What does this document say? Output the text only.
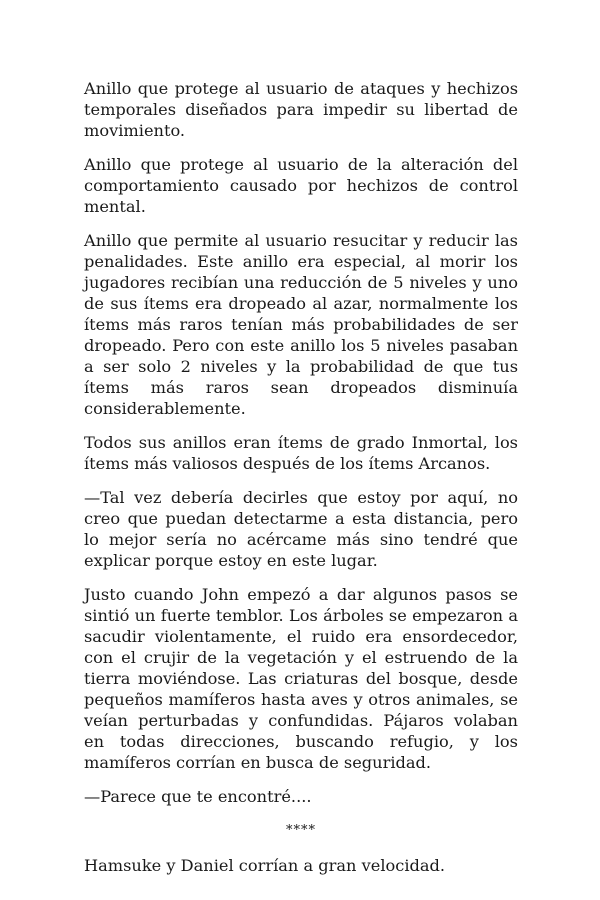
Anillo que protege al usuario de ataques y hechizos temporales diseñados para impedir su libertad de movimiento.

Anillo que protege al usuario de la alteración del comportamiento causado por hechizos de control mental.

Anillo que permite al usuario resucitar y reducir las penalidades. Este anillo era especial, al morir los jugadores recibían una reducción de 5 niveles y uno de sus ítems era dropeado al azar, normalmente los ítems más raros tenían más probabilidades de ser dropeado. Pero con este anillo los 5 niveles pasaban a ser solo 2 niveles y la probabilidad de que tus ítems más raros sean dropeados disminuía considerablemente.

Todos sus anillos eran ítems de grado Inmortal, los ítems más valiosos después de los ítems Arcanos.

—Tal vez debería decirles que estoy por aquí, no creo que puedan detectarme a esta distancia, pero lo mejor sería no acércame más sino tendré que explicar porque estoy en este lugar.

Justo cuando John empezó a dar algunos pasos se sintió un fuerte temblor. Los árboles se empezaron a sacudir violentamente, el ruido era ensordecedor, con el crujir de la vegetación y el estruendo de la tierra moviéndose. Las criaturas del bosque, desde pequeños mamíferos hasta aves y otros animales, se veían perturbadas y confundidas. Pájaros volaban en todas direcciones, buscando refugio, y los mamíferos corrían en busca de seguridad.

—Parece que te encontré....

****

Hamsuke y Daniel corrían a gran velocidad.
